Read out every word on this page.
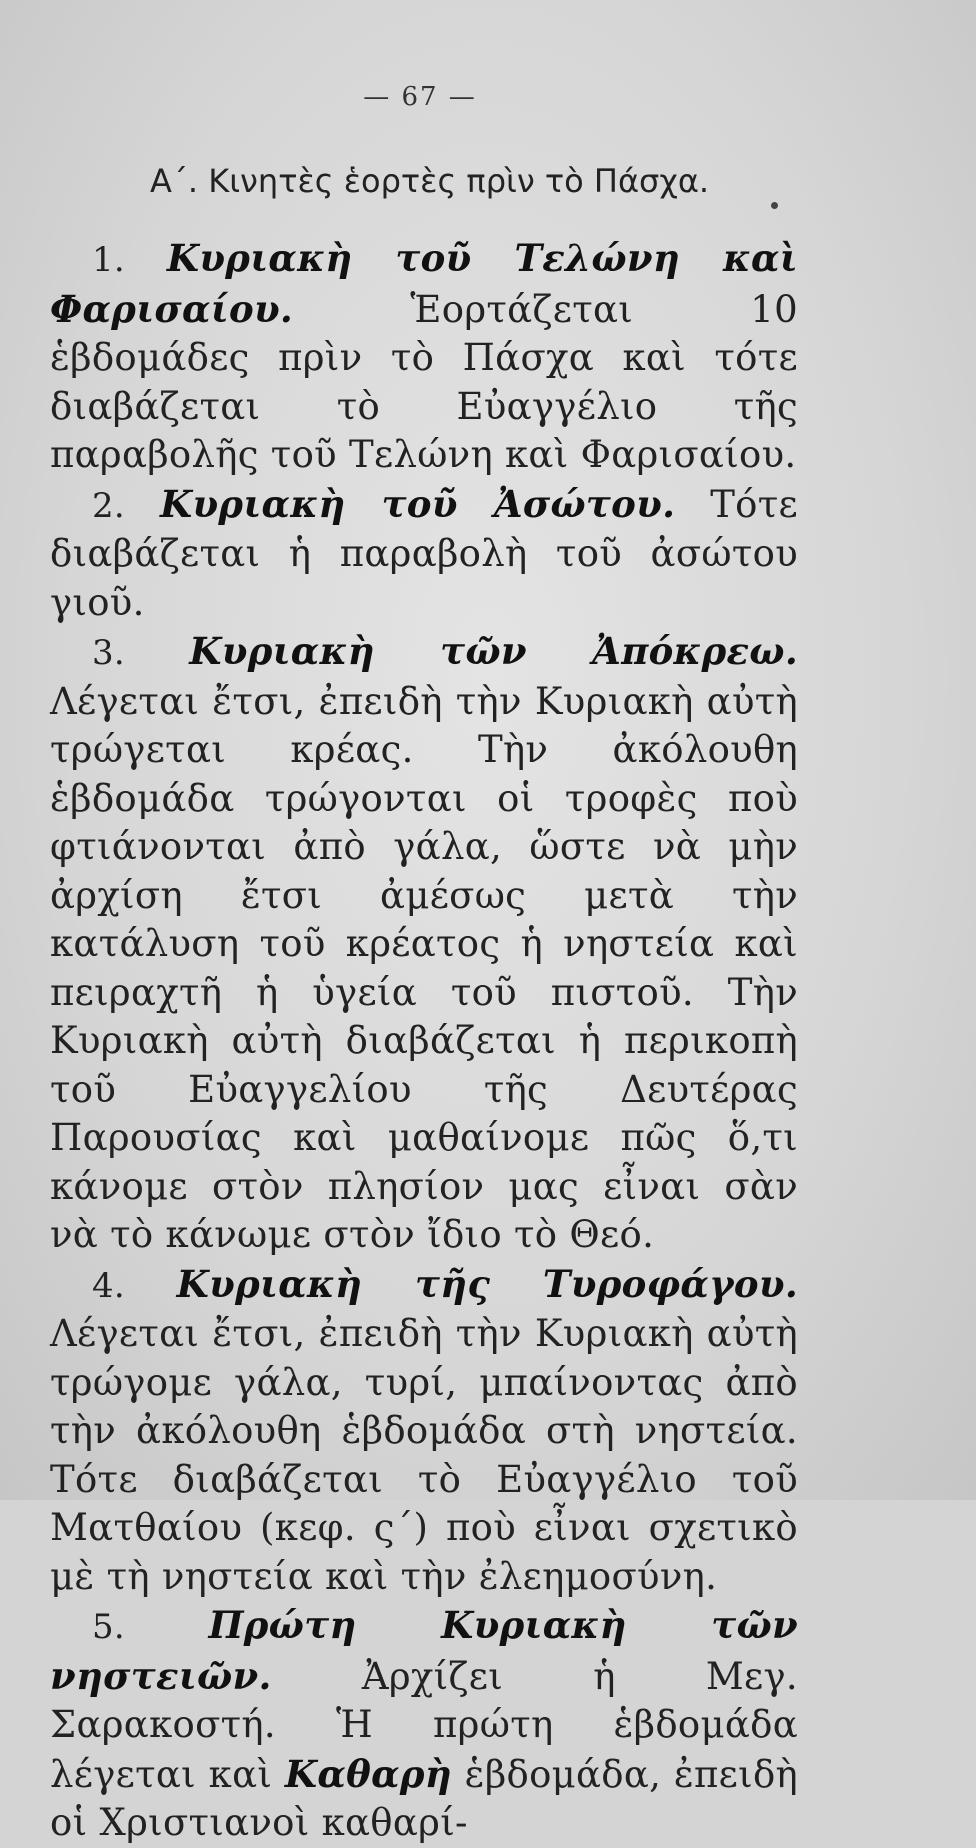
— 67 —
Α΄. Κινητὲς ἑορτὲς πρὶν τὸ Πάσχα.

1. Κυριακὴ τοῦ Τελώνη καὶ Φαρισαίου. Ἑορτάζεται 10 ἑβδομάδες πρὶν τὸ Πάσχα καὶ τότε διαβάζεται τὸ Εὐαγγέλιο τῆς παραβολῆς τοῦ Τελώνη καὶ Φαρισαίου.

2. Κυριακὴ τοῦ Ἀσώτου. Τότε διαβάζεται ἡ παραβολὴ τοῦ ἀσώτου γιοῦ.

3. Κυριακὴ τῶν Ἀπόκρεω. Λέγεται ἔτσι, ἐπειδὴ τὴν Κυριακὴ αὐτὴ τρώγεται κρέας. Τὴν ἀκόλουθη ἑβδομάδα τρώγονται οἱ τροφὲς ποὺ φτιάνονται ἀπὸ γάλα, ὥστε νὰ μὴν ἀρχίση ἔτσι ἀμέσως μετὰ τὴν κατάλυση τοῦ κρέατος ἡ νηστεία καὶ πειραχτῆ ἡ ὑγεία τοῦ πιστοῦ. Τὴν Κυριακὴ αὐτὴ διαβάζεται ἡ περικοπὴ τοῦ Εὐαγγελίου τῆς Δευτέρας Παρουσίας καὶ μαθαίνομε πῶς ὅ,τι κάνομε στὸν πλησίον μας εἶναι σὰν νὰ τὸ κάνωμε στὸν ἴδιο τὸ Θεό.

4. Κυριακὴ τῆς Τυροφάγου. Λέγεται ἔτσι, ἐπειδὴ τὴν Κυριακὴ αὐτὴ τρώγομε γάλα, τυρί, μπαίνοντας ἀπὸ τὴν ἀκόλουθη ἑβδομάδα στὴ νηστεία. Τότε διαβάζεται τὸ Εὐαγγέλιο τοῦ Ματθαίου (κεφ. ς΄) ποὺ εἶναι σχετικὸ μὲ τὴ νηστεία καὶ τὴν ἐλεημοσύνη.

5. Πρώτη Κυριακὴ τῶν νηστειῶν. Ἀρχίζει ἡ Μεγ. Σαρακοστή. Ἡ πρώτη ἑβδομάδα λέγεται καὶ Καθαρὴ ἑβδομάδα, ἐπειδὴ οἱ Χριστιανοὶ καθαρί-
